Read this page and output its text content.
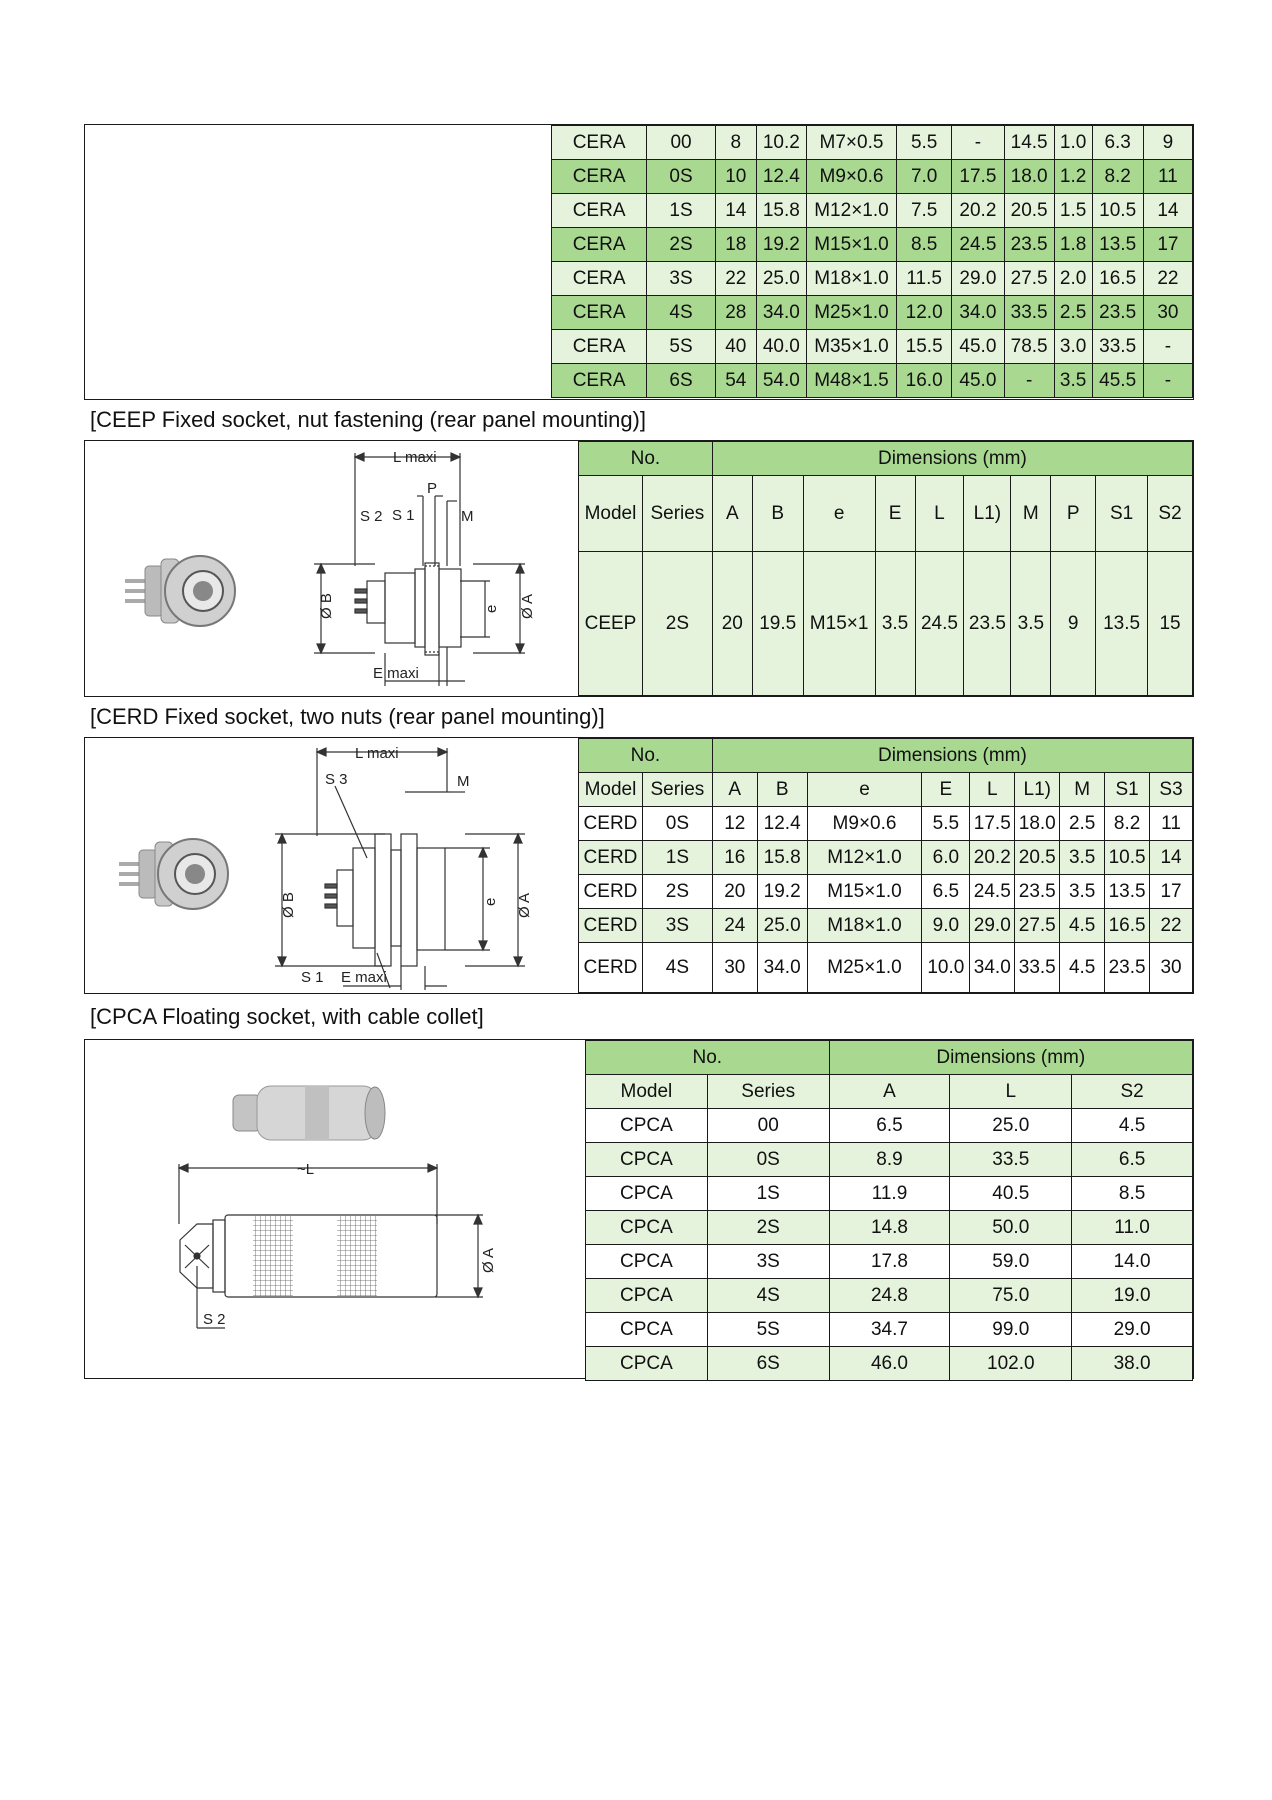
CERA	00	8	10.2	M7×0.5	5.5	-	14.5	1.0	6.3	9
CERA	0S	10	12.4	M9×0.6	7.0	17.5	18.0	1.2	8.2	11
CERA	1S	14	15.8	M12×1.0	7.5	20.2	20.5	1.5	10.5	14
CERA	2S	18	19.2	M15×1.0	8.5	24.5	23.5	1.8	13.5	17
CERA	3S	22	25.0	M18×1.0	11.5	29.0	27.5	2.0	16.5	22
CERA	4S	28	34.0	M25×1.0	12.0	34.0	33.5	2.5	23.5	30
CERA	5S	40	40.0	M35×1.0	15.5	45.0	78.5	3.0	33.5	-
CERA	6S	54	54.0	M48×1.5	16.0	45.0	-	3.5	45.5	-
[CEEP Fixed socket, nut fastening (rear panel mounting)]
L maxi
P
M
S 2 S 1
Ø B	e Ø A
E maxi
No.		Dimensions (mm)									
Model	Series	A	B	e	E	L	L1)	M	P	S1	S2
CEEP	2S	20	19.5	M15×1	3.5	24.5	23.5	3.5	9	13.5	15
[CERD Fixed socket, two nuts (rear panel mounting)]
L maxi
S 3	M
Ø B	e Ø A
S 1 E maxi
No.		Dimensions (mm)								
Model	Series	A	B	e	E	L	L1)	M	S1	S3
CERD	0S	12	12.4	M9×0.6	5.5	17.5	18.0	2.5	8.2	11
CERD	1S	16	15.8	M12×1.0	6.0	20.2	20.5	3.5	10.5	14
CERD	2S	20	19.2	M15×1.0	6.5	24.5	23.5	3.5	13.5	17
CERD	3S	24	25.0	M18×1.0	9.0	29.0	27.5	4.5	16.5	22
CERD	4S	30	34.0	M25×1.0	10.0	34.0	33.5	4.5	23.5	30
[CPCA Floating socket, with cable collet]
~L
Ø A
S 2
No.		Dimensions (mm)		
Model	Series	A	L	S2
CPCA	00	6.5	25.0	4.5
CPCA	0S	8.9	33.5	6.5
CPCA	1S	11.9	40.5	8.5
CPCA	2S	14.8	50.0	11.0
CPCA	3S	17.8	59.0	14.0
CPCA	4S	24.8	75.0	19.0
CPCA	5S	34.7	99.0	29.0
CPCA	6S	46.0	102.0	38.0
